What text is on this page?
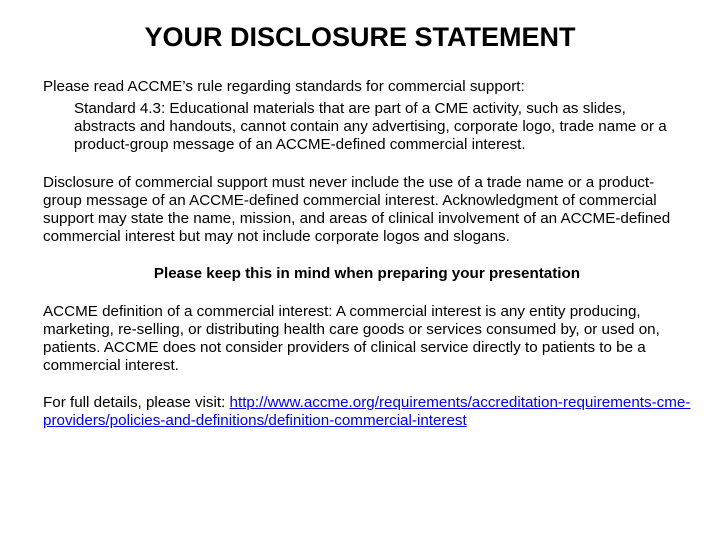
YOUR DISCLOSURE STATEMENT

Please read ACCME’s rule regarding standards for commercial support:

Standard 4.3: Educational materials that are part of a CME activity, such as slides, abstracts and handouts, cannot contain any advertising, corporate logo, trade name or a product-group message of an ACCME-defined commercial interest.

Disclosure of commercial support must never include the use of a trade name or a product-group message of an ACCME-defined commercial interest. Acknowledgment of commercial support may state the name, mission, and areas of clinical involvement of an ACCME-defined commercial interest but may not include corporate logos and slogans.

Please keep this in mind when preparing your presentation

ACCME definition of a commercial interest: A commercial interest is any entity producing, marketing, re-selling, or distributing health care goods or services consumed by, or used on, patients. ACCME does not consider providers of clinical service directly to patients to be a commercial interest.

For full details, please visit: http://www.accme.org/requirements/accreditation-requirements-cme-providers/policies-and-definitions/definition-commercial-interest
